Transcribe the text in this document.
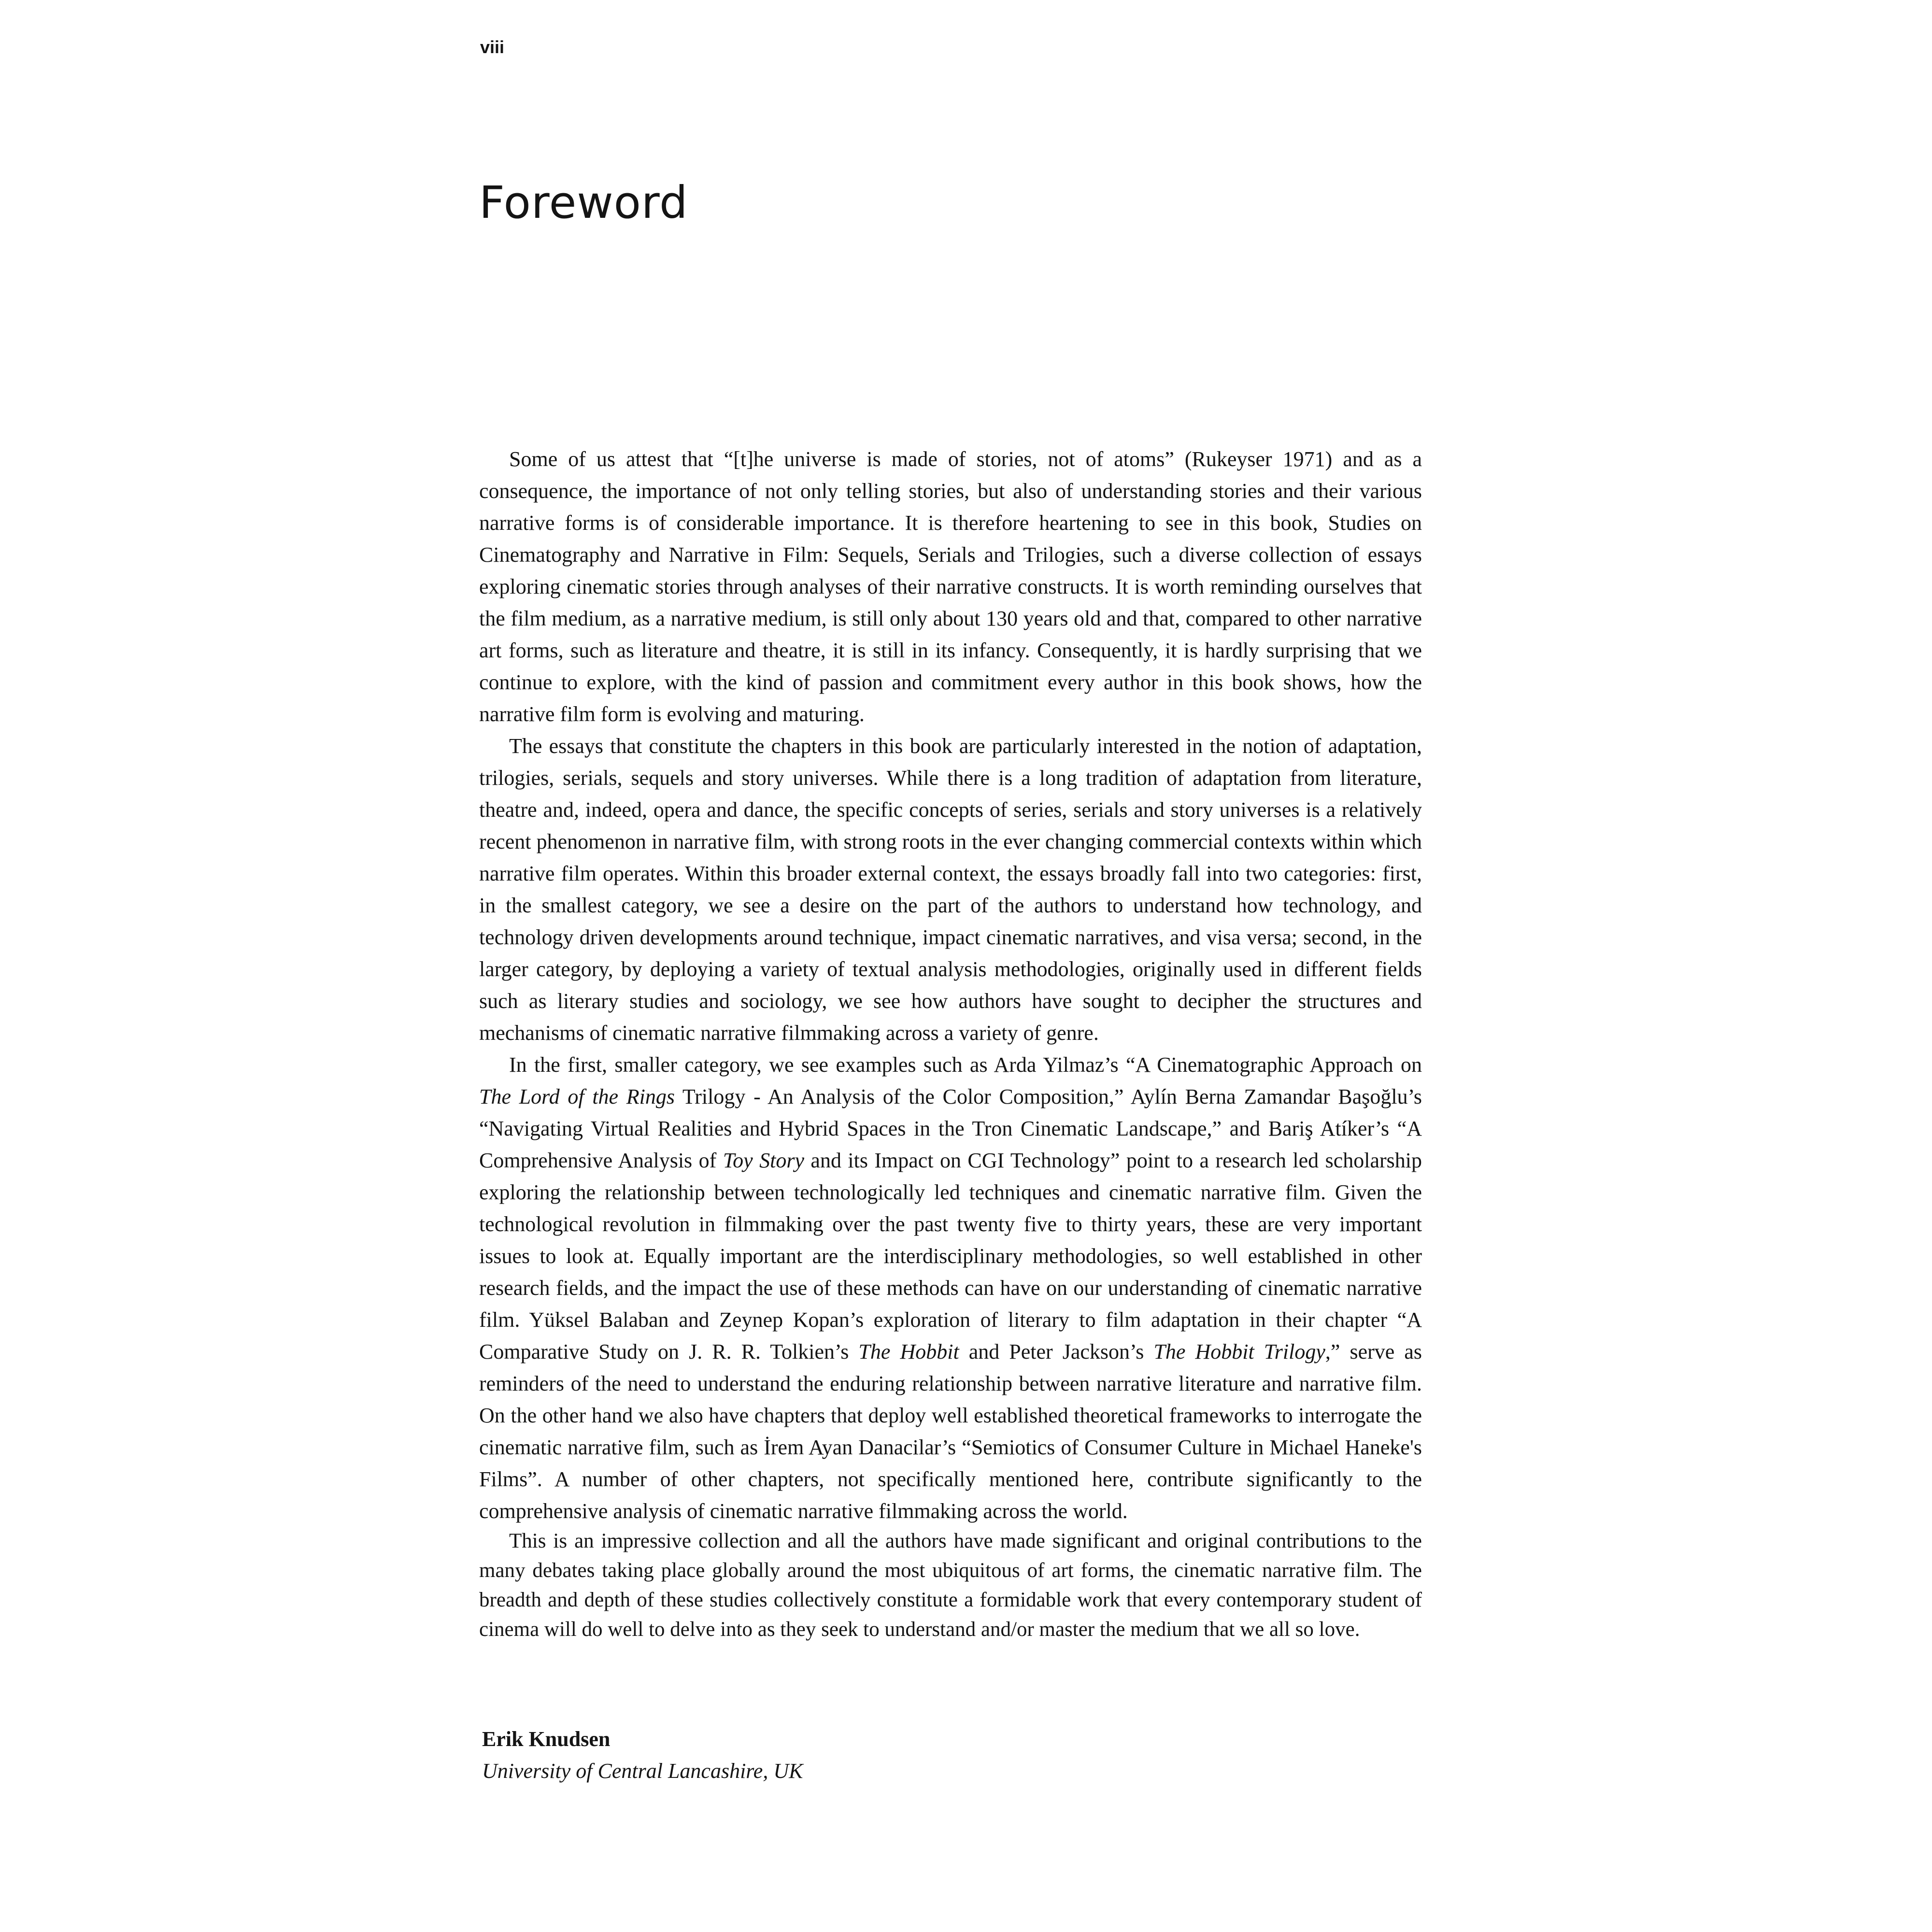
viii
Foreword

Some of us attest that “[t]he universe is made of stories, not of atoms” (Rukeyser 1971) and as a consequence, the importance of not only telling stories, but also of understanding stories and their various narrative forms is of considerable importance. It is therefore heartening to see in this book, Studies on Cinematography and Narrative in Film: Sequels, Serials and Trilogies, such a diverse collection of essays exploring cinematic stories through analyses of their narrative constructs. It is worth reminding ourselves that the film medium, as a narrative medium, is still only about 130 years old and that, compared to other narrative art forms, such as literature and theatre, it is still in its infancy. Consequently, it is hardly surprising that we continue to explore, with the kind of passion and commitment every author in this book shows, how the narrative film form is evolving and maturing.

The essays that constitute the chapters in this book are particularly interested in the notion of adaptation, trilogies, serials, sequels and story universes. While there is a long tradition of adaptation from literature, theatre and, indeed, opera and dance, the specific concepts of series, serials and story universes is a relatively recent phenomenon in narrative film, with strong roots in the ever changing commercial contexts within which narrative film operates. Within this broader external context, the essays broadly fall into two categories: first, in the smallest category, we see a desire on the part of the authors to understand how technology, and technology driven developments around technique, impact cinematic narratives, and visa versa; second, in the larger category, by deploying a variety of textual analysis methodologies, originally used in different fields such as literary studies and sociology, we see how authors have sought to decipher the structures and mechanisms of cinematic narrative filmmaking across a variety of genre.

In the first, smaller category, we see examples such as Arda Yilmaz’s “A Cinematographic Approach on The Lord of the Rings Trilogy - An Analysis of the Color Composition,” Aylín Berna Zamandar Başoğlu’s “Navigating Virtual Realities and Hybrid Spaces in the Tron Cinematic Landscape,” and Bariş Atíker’s “A Comprehensive Analysis of Toy Story and its Impact on CGI Technology” point to a research led scholarship exploring the relationship between technologically led techniques and cinematic narrative film. Given the technological revolution in filmmaking over the past twenty five to thirty years, these are very important issues to look at. Equally important are the interdisciplinary methodologies, so well established in other research fields, and the impact the use of these methods can have on our understanding of cinematic narrative film. Yüksel Balaban and Zeynep Kopan’s exploration of literary to film adaptation in their chapter “A Comparative Study on J. R. R. Tolkien’s The Hobbit and Peter Jackson’s The Hobbit Trilogy,” serve as reminders of the need to understand the enduring relationship between narrative literature and narrative film. On the other hand we also have chapters that deploy well established theoretical frameworks to interrogate the cinematic narrative film, such as İrem Ayan Danacilar’s “Semiotics of Consumer Culture in Michael Haneke's Films”. A number of other chapters, not specifically mentioned here, contribute significantly to the comprehensive analysis of cinematic narrative filmmaking across the world.

This is an impressive collection and all the authors have made significant and original contributions to the many debates taking place globally around the most ubiquitous of art forms, the cinematic narrative film. The breadth and depth of these studies collectively constitute a formidable work that every contemporary student of cinema will do well to delve into as they seek to understand and/or master the medium that we all so love.

Erik Knudsen

University of Central Lancashire, UK
